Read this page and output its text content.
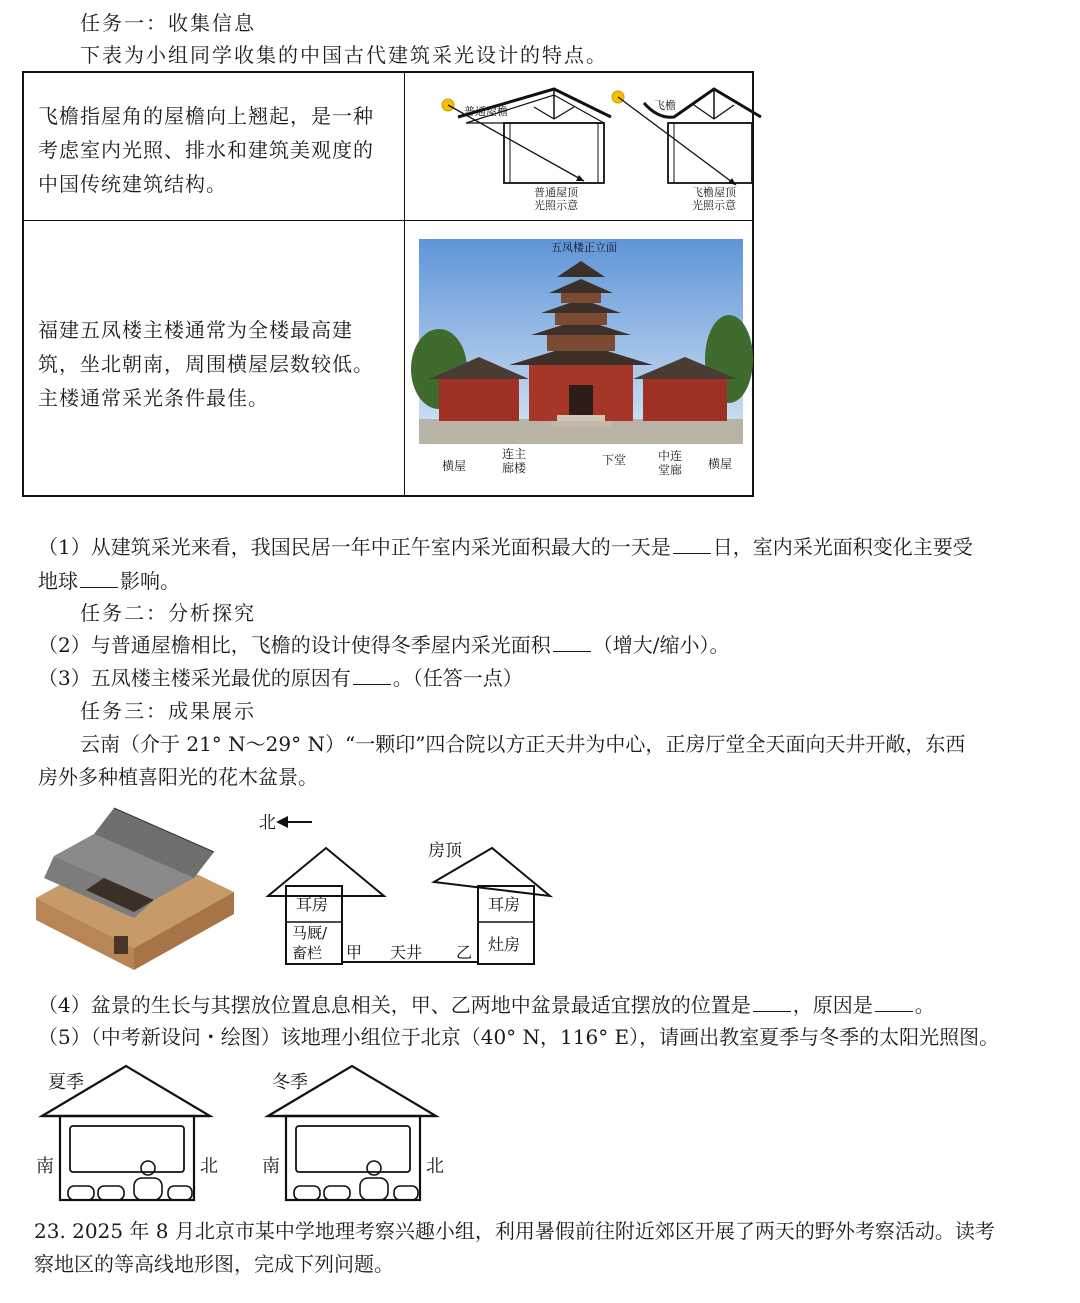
任务一：收集信息
下表为小组同学收集的中国古代建筑采光设计的特点。
飞檐指屋角的屋檐向上翘起，是一种
考虑室内光照、排水和建筑美观度的
中国传统建筑结构。
普通屋檐
普通屋顶
光照示意
飞檐
飞檐屋顶
光照示意
福建五凤楼主楼通常为全楼最高建
筑，坐北朝南，周围横屋层数较低。
主楼通常采光条件最佳。
五凤楼正立面
横屋
连主
廊楼
下堂	中连
堂廊 横屋
（1）从建筑采光来看，我国民居一年中正午室内采光面积最大的一天是 日，室内采光面积变化主要受
地球 影响。
任务二：分析探究
（2）与普通屋檐相比，飞檐的设计使得冬季屋内采光面积 （增大/缩小）。
（3）五凤楼主楼采光最优的原因有 。（任答一点）
任务三：成果展示
云南（介于 21° N～29° N）“一颗印”四合院以方正天井为中心，正房厅堂全天面向天井开敞，东西
房外多种植喜阳光的花木盆景。
北
房顶
耳房
马厩/
畜栏 甲 天井 乙
耳房
灶房
（4）盆景的生长与其摆放位置息息相关，甲、乙两地中盆景最适宜摆放的位置是 ，原因是 。
（5）（中考新设问・绘图）该地理小组位于北京（40° N，116° E），请画出教室夏季与冬季的太阳光照图。
夏季
南	北
冬季
南	北
23. 2025 年 8 月北京市某中学地理考察兴趣小组，利用暑假前往附近郊区开展了两天的野外考察活动。读考
察地区的等高线地形图，完成下列问题。
